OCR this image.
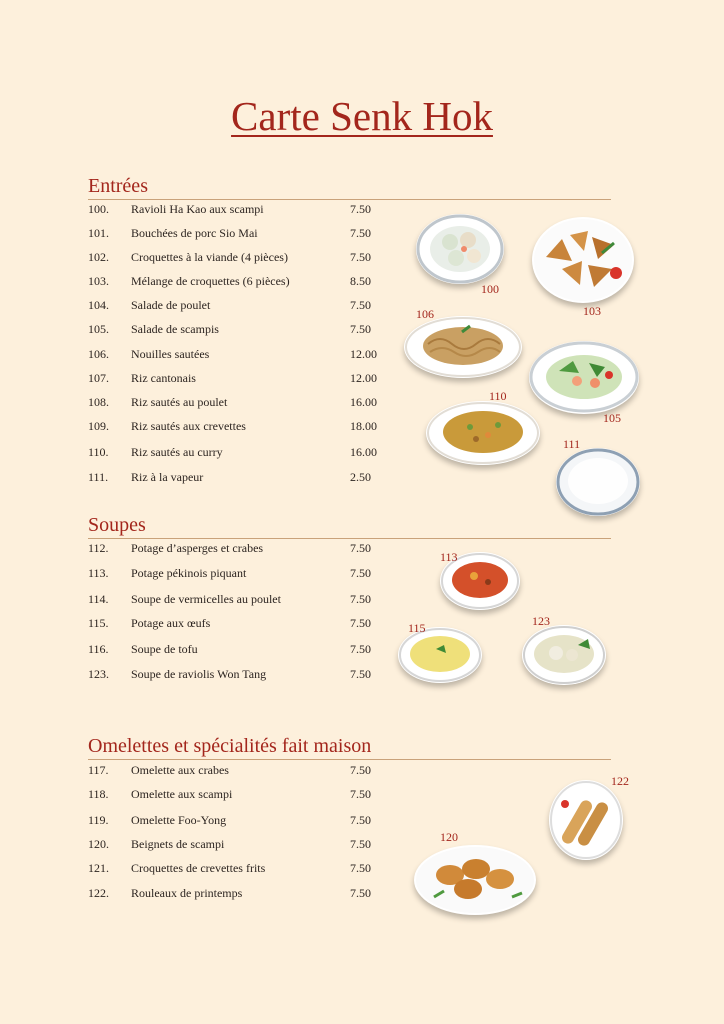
Carte Senk Hok
Entrées
100.	Ravioli Ha Kao aux scampi	7.50
101.	Bouchées de porc Sio Mai	7.50
102.	Croquettes à la viande (4 pièces)	7.50
103.	Mélange de croquettes (6 pièces)	8.50
104.	Salade de poulet	7.50
105.	Salade de scampis	7.50
106.	Nouilles sautées	12.00
107.	Riz cantonais	12.00
108.	Riz sautés au poulet	16.00
109.	Riz sautés aux crevettes	18.00
110.	Riz sautés au curry	16.00
111.	Riz à la vapeur	2.50
Soupes
112.	Potage d’asperges et crabes	7.50
113.	Potage pékinois piquant	7.50
114.	Soupe de vermicelles au poulet	7.50
115.	Potage aux œufs	7.50
116.	Soupe de tofu	7.50
123.	Soupe de raviolis Won Tang	7.50
Omelettes et spécialités fait maison
117.	Omelette aux crabes	7.50
118.	Omelette aux scampi	7.50
119.	Omelette Foo-Yong	7.50
120.	Beignets de scampi	7.50
121.	Croquettes de crevettes frits	7.50
122.	Rouleaux de printemps	7.50
100
103
106
110
105
111
113
115	123
122
120
